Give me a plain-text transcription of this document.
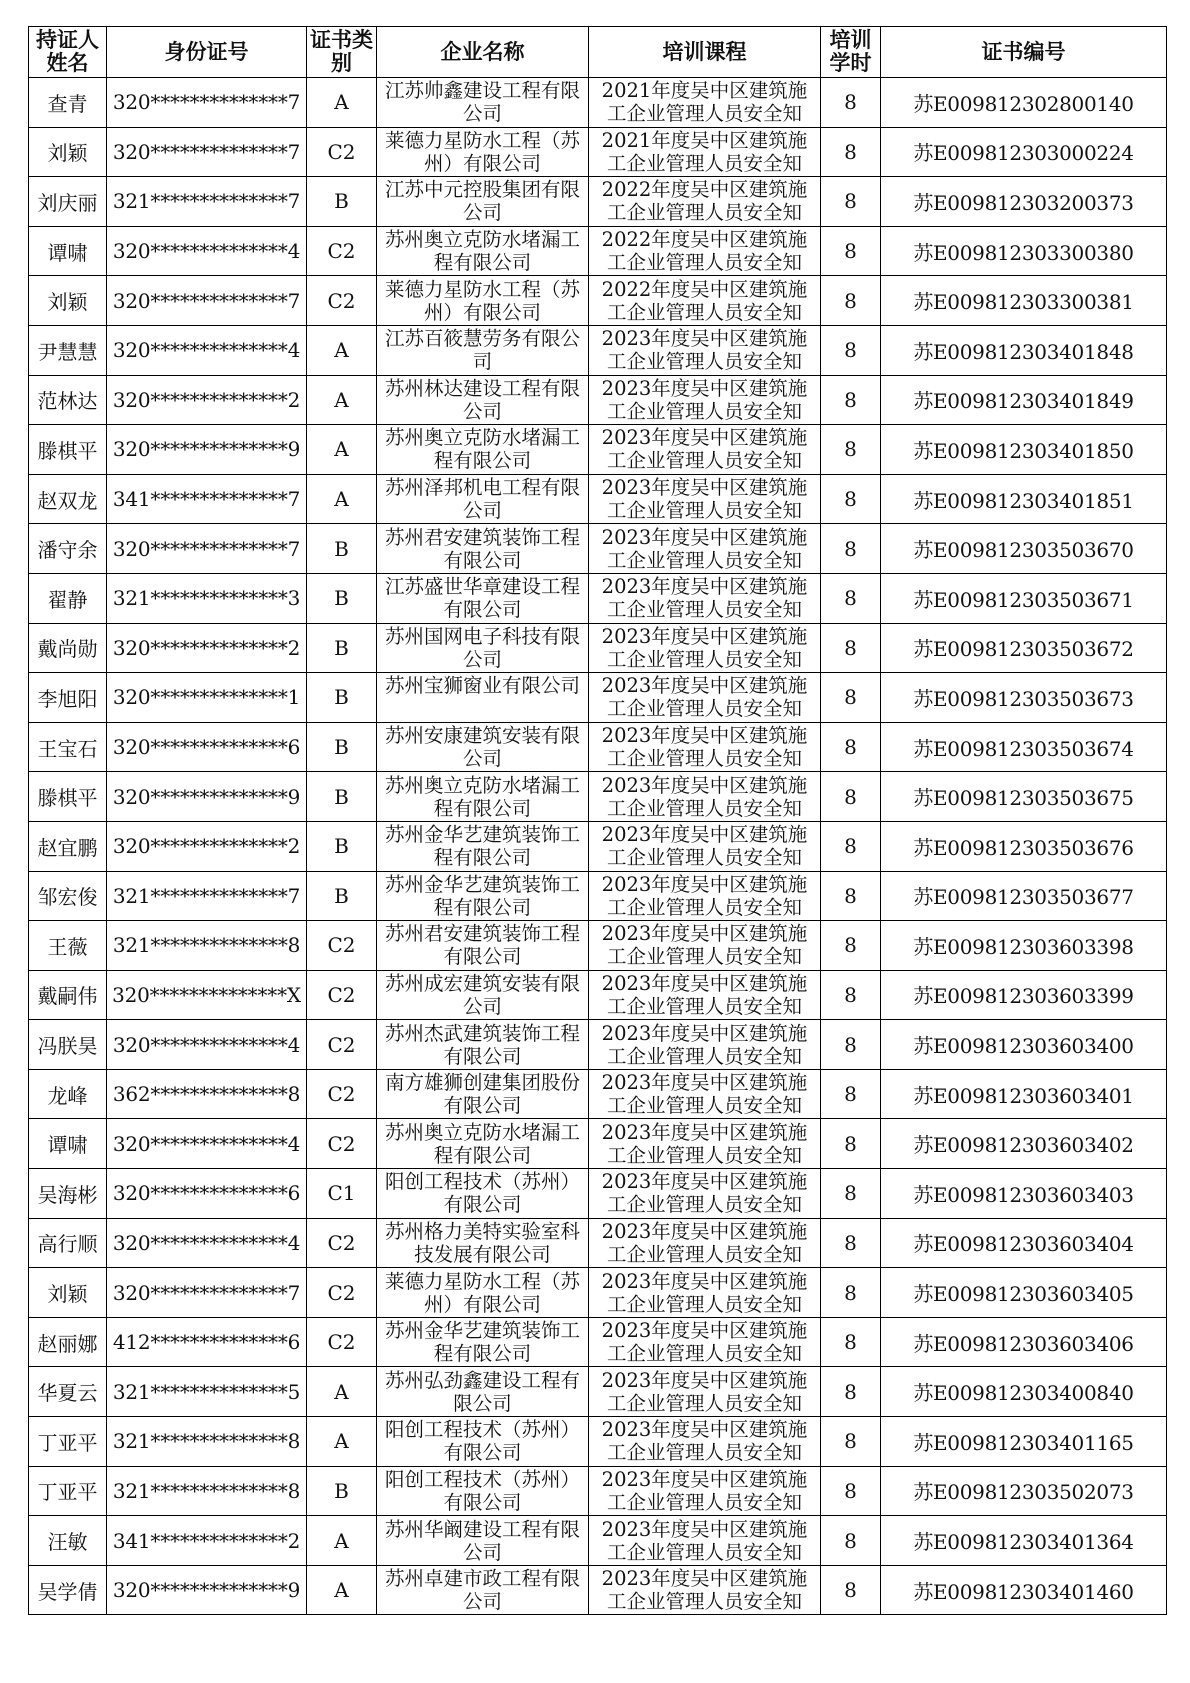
持证人姓名	身份证号	证书类别	企业名称	培训课程	培训学时	证书编号
查青	320**************7	A	江苏帅鑫建设工程有限公司	2021年度吴中区建筑施工企业管理人员安全知	8	苏E009812302800140
刘颖	320**************7	C2	莱德力星防水工程（苏州）有限公司	2021年度吴中区建筑施工企业管理人员安全知	8	苏E009812303000224
刘庆丽	321**************7	B	江苏中元控股集团有限公司	2022年度吴中区建筑施工企业管理人员安全知	8	苏E009812303200373
谭啸	320**************4	C2	苏州奥立克防水堵漏工程有限公司	2022年度吴中区建筑施工企业管理人员安全知	8	苏E009812303300380
刘颖	320**************7	C2	莱德力星防水工程（苏州）有限公司	2022年度吴中区建筑施工企业管理人员安全知	8	苏E009812303300381
尹慧慧	320**************4	A	江苏百筱慧劳务有限公司	2023年度吴中区建筑施工企业管理人员安全知	8	苏E009812303401848
范林达	320**************2	A	苏州林达建设工程有限公司	2023年度吴中区建筑施工企业管理人员安全知	8	苏E009812303401849
滕棋平	320**************9	A	苏州奥立克防水堵漏工程有限公司	2023年度吴中区建筑施工企业管理人员安全知	8	苏E009812303401850
赵双龙	341**************7	A	苏州泽邦机电工程有限公司	2023年度吴中区建筑施工企业管理人员安全知	8	苏E009812303401851
潘守余	320**************7	B	苏州君安建筑装饰工程有限公司	2023年度吴中区建筑施工企业管理人员安全知	8	苏E009812303503670
翟静	321**************3	B	江苏盛世华章建设工程有限公司	2023年度吴中区建筑施工企业管理人员安全知	8	苏E009812303503671
戴尚勋	320**************2	B	苏州国网电子科技有限公司	2023年度吴中区建筑施工企业管理人员安全知	8	苏E009812303503672
李旭阳	320**************1	B	苏州宝狮窗业有限公司	2023年度吴中区建筑施工企业管理人员安全知	8	苏E009812303503673
王宝石	320**************6	B	苏州安康建筑安装有限公司	2023年度吴中区建筑施工企业管理人员安全知	8	苏E009812303503674
滕棋平	320**************9	B	苏州奥立克防水堵漏工程有限公司	2023年度吴中区建筑施工企业管理人员安全知	8	苏E009812303503675
赵宜鹏	320**************2	B	苏州金华艺建筑装饰工程有限公司	2023年度吴中区建筑施工企业管理人员安全知	8	苏E009812303503676
邹宏俊	321**************7	B	苏州金华艺建筑装饰工程有限公司	2023年度吴中区建筑施工企业管理人员安全知	8	苏E009812303503677
王薇	321**************8	C2	苏州君安建筑装饰工程有限公司	2023年度吴中区建筑施工企业管理人员安全知	8	苏E009812303603398
戴嗣伟	320**************X	C2	苏州成宏建筑安装有限公司	2023年度吴中区建筑施工企业管理人员安全知	8	苏E009812303603399
冯朕昊	320**************4	C2	苏州杰武建筑装饰工程有限公司	2023年度吴中区建筑施工企业管理人员安全知	8	苏E009812303603400
龙峰	362**************8	C2	南方雄狮创建集团股份有限公司	2023年度吴中区建筑施工企业管理人员安全知	8	苏E009812303603401
谭啸	320**************4	C2	苏州奥立克防水堵漏工程有限公司	2023年度吴中区建筑施工企业管理人员安全知	8	苏E009812303603402
吴海彬	320**************6	C1	阳创工程技术（苏州）有限公司	2023年度吴中区建筑施工企业管理人员安全知	8	苏E009812303603403
高行顺	320**************4	C2	苏州格力美特实验室科技发展有限公司	2023年度吴中区建筑施工企业管理人员安全知	8	苏E009812303603404
刘颖	320**************7	C2	莱德力星防水工程（苏州）有限公司	2023年度吴中区建筑施工企业管理人员安全知	8	苏E009812303603405
赵丽娜	412**************6	C2	苏州金华艺建筑装饰工程有限公司	2023年度吴中区建筑施工企业管理人员安全知	8	苏E009812303603406
华夏云	321**************5	A	苏州弘劲鑫建设工程有限公司	2023年度吴中区建筑施工企业管理人员安全知	8	苏E009812303400840
丁亚平	321**************8	A	阳创工程技术（苏州）有限公司	2023年度吴中区建筑施工企业管理人员安全知	8	苏E009812303401165
丁亚平	321**************8	B	阳创工程技术（苏州）有限公司	2023年度吴中区建筑施工企业管理人员安全知	8	苏E009812303502073
汪敏	341**************2	A	苏州华阚建设工程有限公司	2023年度吴中区建筑施工企业管理人员安全知	8	苏E009812303401364
吴学倩	320**************9	A	苏州卓建市政工程有限公司	2023年度吴中区建筑施工企业管理人员安全知	8	苏E009812303401460
